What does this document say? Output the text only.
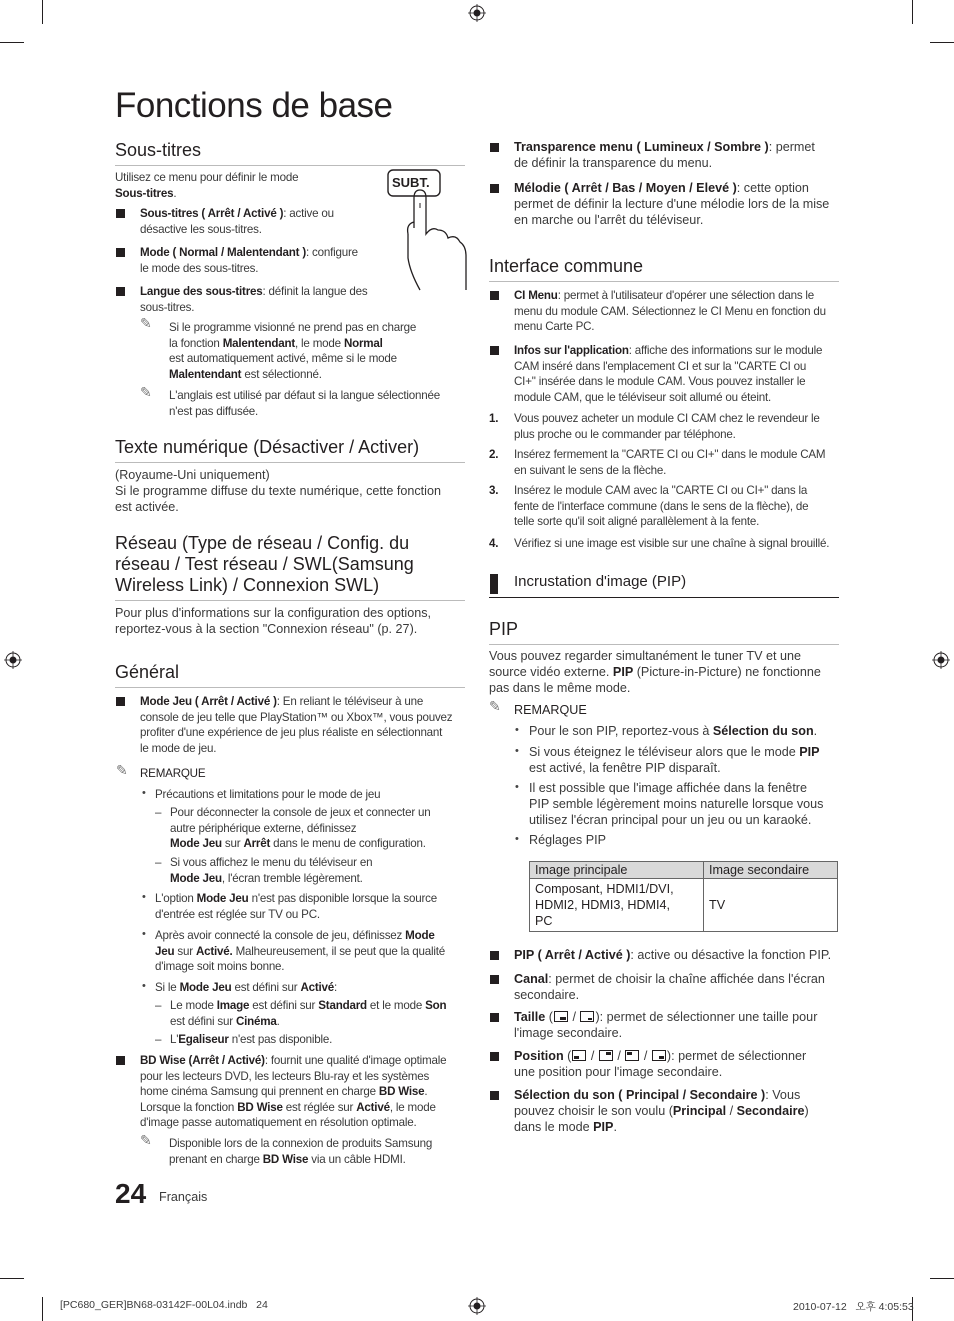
Fonctions de base
Sous-titres
Utilisez ce menu pour définir le mode
Sous-titres.
SUBT.
Sous-titres ( Arrêt / Activé ): active ou
désactive les sous-titres.
Mode ( Normal / Malentendant ): configure
le mode des sous-titres.
Langue des sous-titres: définit la langue des
sous-titres.
✎ Si le programme visionné ne prend pas en charge
la fonction Malentendant, le mode Normal
est automatiquement activé, même si le mode
Malentendant est sélectionné.
✎ L'anglais est utilisé par défaut si la langue sélectionnée
n'est pas diffusée.
Texte numérique (Désactiver / Activer)
(Royaume-Uni uniquement)
Si le programme diffuse du texte numérique, cette fonction
est activée.
Réseau (Type de réseau / Config. du
réseau / Test réseau / SWL(Samsung
Wireless Link) / Connexion SWL)
Pour plus d'informations sur la configuration des options,
reportez-vous à la section "Connexion réseau" (p. 27).
Général
Mode Jeu ( Arrêt / Activé ): En reliant le téléviseur à une
console de jeu telle que PlayStation™ ou Xbox™, vous pouvez
profiter d'une expérience de jeu plus réaliste en sélectionnant
le mode de jeu.
✎ REMARQUE
• Précautions et limitations pour le mode de jeu
– Pour déconnecter la console de jeux et connecter un
autre périphérique externe, définissez
Mode Jeu sur Arrêt dans le menu de configuration.
– Si vous affichez le menu du téléviseur en
Mode Jeu, l'écran tremble légèrement.
• L'option Mode Jeu n'est pas disponible lorsque la source
d'entrée est réglée sur TV ou PC.
• Après avoir connecté la console de jeu, définissez Mode
Jeu sur Activé. Malheureusement, il se peut que la qualité
d'image soit moins bonne.
• Si le Mode Jeu est défini sur Activé:
– Le mode Image est défini sur Standard et le mode Son
est défini sur Cinéma.
– L'Egaliseur n'est pas disponible.
BD Wise (Arrêt / Activé): fournit une qualité d'image optimale
pour les lecteurs DVD, les lecteurs Blu-ray et les systèmes
home cinéma Samsung qui prennent en charge BD Wise.
Lorsque la fonction BD Wise est réglée sur Activé, le mode
d'image passe automatiquement en résolution optimale.
✎ Disponible lors de la connexion de produits Samsung
prenant en charge BD Wise via un câble HDMI.
24 Français
[PC680_GER]BN68-03142F-00L04.indb   24	2010-07-12   오후 4:05:53
Transparence menu ( Lumineux / Sombre ): permet
de définir la transparence du menu.
Mélodie ( Arrêt / Bas / Moyen / Elevé ): cette option
permet de définir la lecture d'une mélodie lors de la mise
en marche ou l'arrêt du téléviseur.
Interface commune
CI Menu: permet à l'utilisateur d'opérer une sélection dans le
menu du module CAM. Sélectionnez le CI Menu en fonction du
menu Carte PC.
Infos sur l'application: affiche des informations sur le module
CAM inséré dans l'emplacement CI et sur la "CARTE CI ou
CI+" insérée dans le module CAM. Vous pouvez installer le
module CAM, que le téléviseur soit allumé ou éteint.
1. Vous pouvez acheter un module CI CAM chez le revendeur le
plus proche ou le commander par téléphone.
2. Insérez fermement la "CARTE CI ou CI+" dans le module CAM
en suivant le sens de la flèche.
3. Insérez le module CAM avec la "CARTE CI ou CI+" dans la
fente de l'interface commune (dans le sens de la flèche), de
telle sorte qu'il soit aligné parallèlement à la fente.
4. Vérifiez si une image est visible sur une chaîne à signal brouillé.
Incrustation d'image (PIP)
PIP
Vous pouvez regarder simultanément le tuner TV et une
source vidéo externe. PIP (Picture-in-Picture) ne fonctionne
pas dans le même mode.
✎ REMARQUE
• Pour le son PIP, reportez-vous à Sélection du son.
• Si vous éteignez le téléviseur alors que le mode PIP
est activé, la fenêtre PIP disparaît.
• Il est possible que l'image affichée dans la fenêtre
PIP semble légèrement moins naturelle lorsque vous
utilisez l'écran principal pour un jeu ou un karaoké.
• Réglages PIP
Image principale	Image secondaire
Composant, HDMI1/DVI,
HDMI2, HDMI3, HDMI4,
PC	TV
PIP ( Arrêt / Activé ): active ou désactive la fonction PIP.
Canal: permet de choisir la chaîne affichée dans l'écran
secondaire.
Taille (
/
): permet de sélectionner une taille pour
l'image secondaire.
Position (
/
/
/
): permet de sélectionner
une position pour l'image secondaire.
Sélection du son ( Principal / Secondaire ): Vous
pouvez choisir le son voulu (Principal / Secondaire)
dans le mode PIP.
